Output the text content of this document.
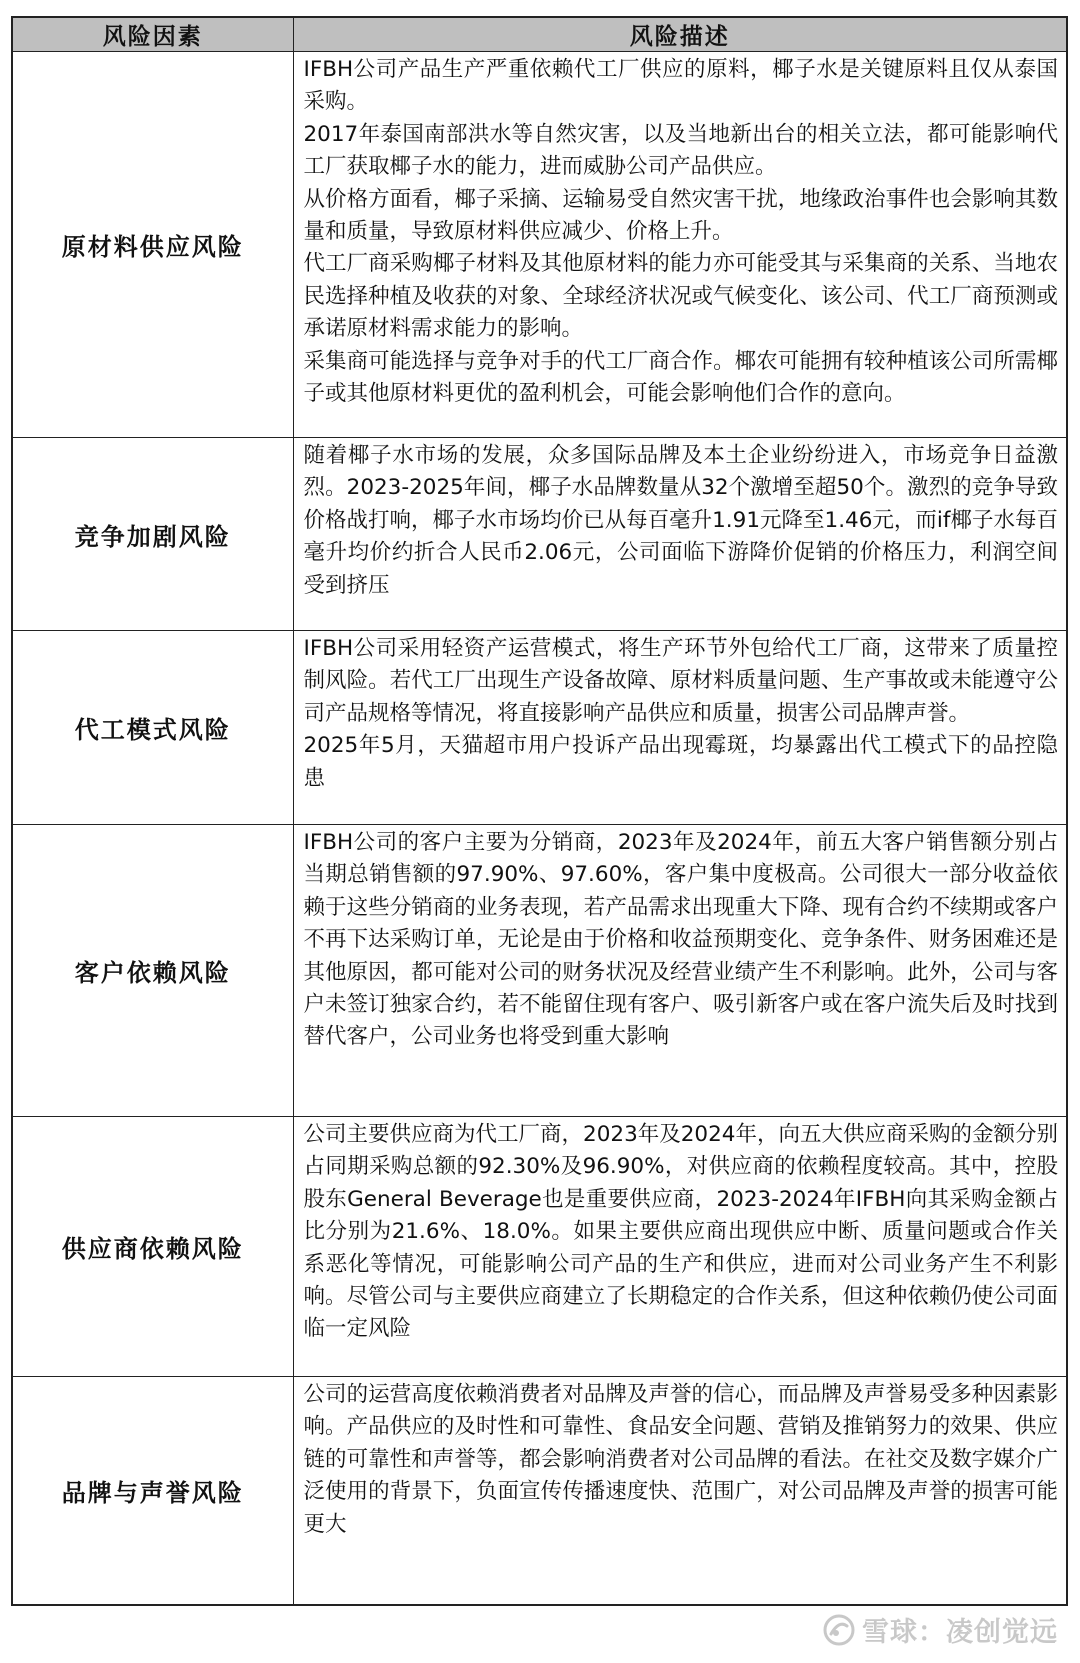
风险因素	风险描述
原材料供应风险	IFBH公司产品生产严重依赖代工厂供应的原料，椰子水是关键原料且仅从泰国采购。

2017年泰国南部洪水等自然灾害，以及当地新出台的相关立法，都可能影响代工厂获取椰子水的能力，进而威胁公司产品供应。

从价格方面看，椰子采摘、运输易受自然灾害干扰，地缘政治事件也会影响其数量和质量，导致原材料供应减少、价格上升。

代工厂商采购椰子材料及其他原材料的能力亦可能受其与采集商的关系、当地农民选择种植及收获的对象、全球经济状况或气候变化、该公司、代工厂商预测或承诺原材料需求能力的影响。

采集商可能选择与竞争对手的代工厂商合作。椰农可能拥有较种植该公司所需椰子或其他原材料更优的盈利机会，可能会影响他们合作的意向。

竞争加剧风险	随着椰子水市场的发展，众多国际品牌及本土企业纷纷进入，市场竞争日益激烈。2023-2025年间，椰子水品牌数量从32个激增至超50个。激烈的竞争导致价格战打响，椰子水市场均价已从每百毫升1.91元降至1.46元，而if椰子水每百毫升均价约折合人民币2.06元，公司面临下游降价促销的价格压力，利润空间受到挤压

代工模式风险	IFBH公司采用轻资产运营模式，将生产环节外包给代工厂商，这带来了质量控制风险。若代工厂出现生产设备故障、原材料质量问题、生产事故或未能遵守公司产品规格等情况，将直接影响产品供应和质量，损害公司品牌声誉。

2025年5月，天猫超市用户投诉产品出现霉斑，均暴露出代工模式下的品控隐患

客户依赖风险	IFBH公司的客户主要为分销商，2023年及2024年，前五大客户销售额分别占当期总销售额的97.90%、97.60%，客户集中度极高。公司很大一部分收益依赖于这些分销商的业务表现，若产品需求出现重大下降、现有合约不续期或客户不再下达采购订单，无论是由于价格和收益预期变化、竞争条件、财务困难还是其他原因，都可能对公司的财务状况及经营业绩产生不利影响。此外，公司与客户未签订独家合约，若不能留住现有客户、吸引新客户或在客户流失后及时找到替代客户，公司业务也将受到重大影响

供应商依赖风险	公司主要供应商为代工厂商，2023年及2024年，向五大供应商采购的金额分别占同期采购总额的92.30%及96.90%，对供应商的依赖程度较高。其中，控股股东General Beverage也是重要供应商，2023-2024年IFBH向其采购金额占比分别为21.6%、18.0%。如果主要供应商出现供应中断、质量问题或合作关系恶化等情况，可能影响公司产品的生产和供应，进而对公司业务产生不利影响。尽管公司与主要供应商建立了长期稳定的合作关系，但这种依赖仍使公司面临一定风险

品牌与声誉风险	公司的运营高度依赖消费者对品牌及声誉的信心，而品牌及声誉易受多种因素影响。产品供应的及时性和可靠性、食品安全问题、营销及推销努力的效果、供应链的可靠性和声誉等，都会影响消费者对公司品牌的看法。在社交及数字媒介广泛使用的背景下，负面宣传传播速度快、范围广，对公司品牌及声誉的损害可能更大

雪球：凌创觉远
